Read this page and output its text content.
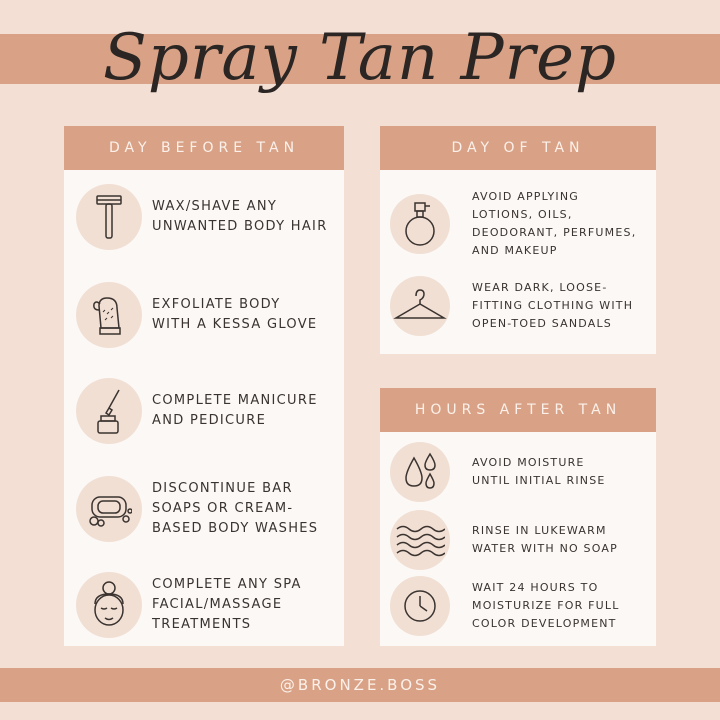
Spray Tan Prep
DAY BEFORE TAN
WAX/SHAVE ANY
UNWANTED BODY HAIR
EXFOLIATE BODY
WITH A KESSA GLOVE
COMPLETE MANICURE
AND PEDICURE
DISCONTINUE BAR
SOAPS OR CREAM-
BASED BODY WASHES
COMPLETE ANY SPA
FACIAL/MASSAGE
TREATMENTS
DAY OF TAN
AVOID APPLYING
LOTIONS, OILS,
DEODORANT, PERFUMES,
AND MAKEUP
WEAR DARK, LOOSE-
FITTING CLOTHING WITH
OPEN-TOED SANDALS
HOURS AFTER TAN
AVOID MOISTURE
UNTIL INITIAL RINSE
RINSE IN LUKEWARM
WATER WITH NO SOAP
WAIT 24 HOURS TO
MOISTURIZE FOR FULL
COLOR DEVELOPMENT
@BRONZE.BOSS
